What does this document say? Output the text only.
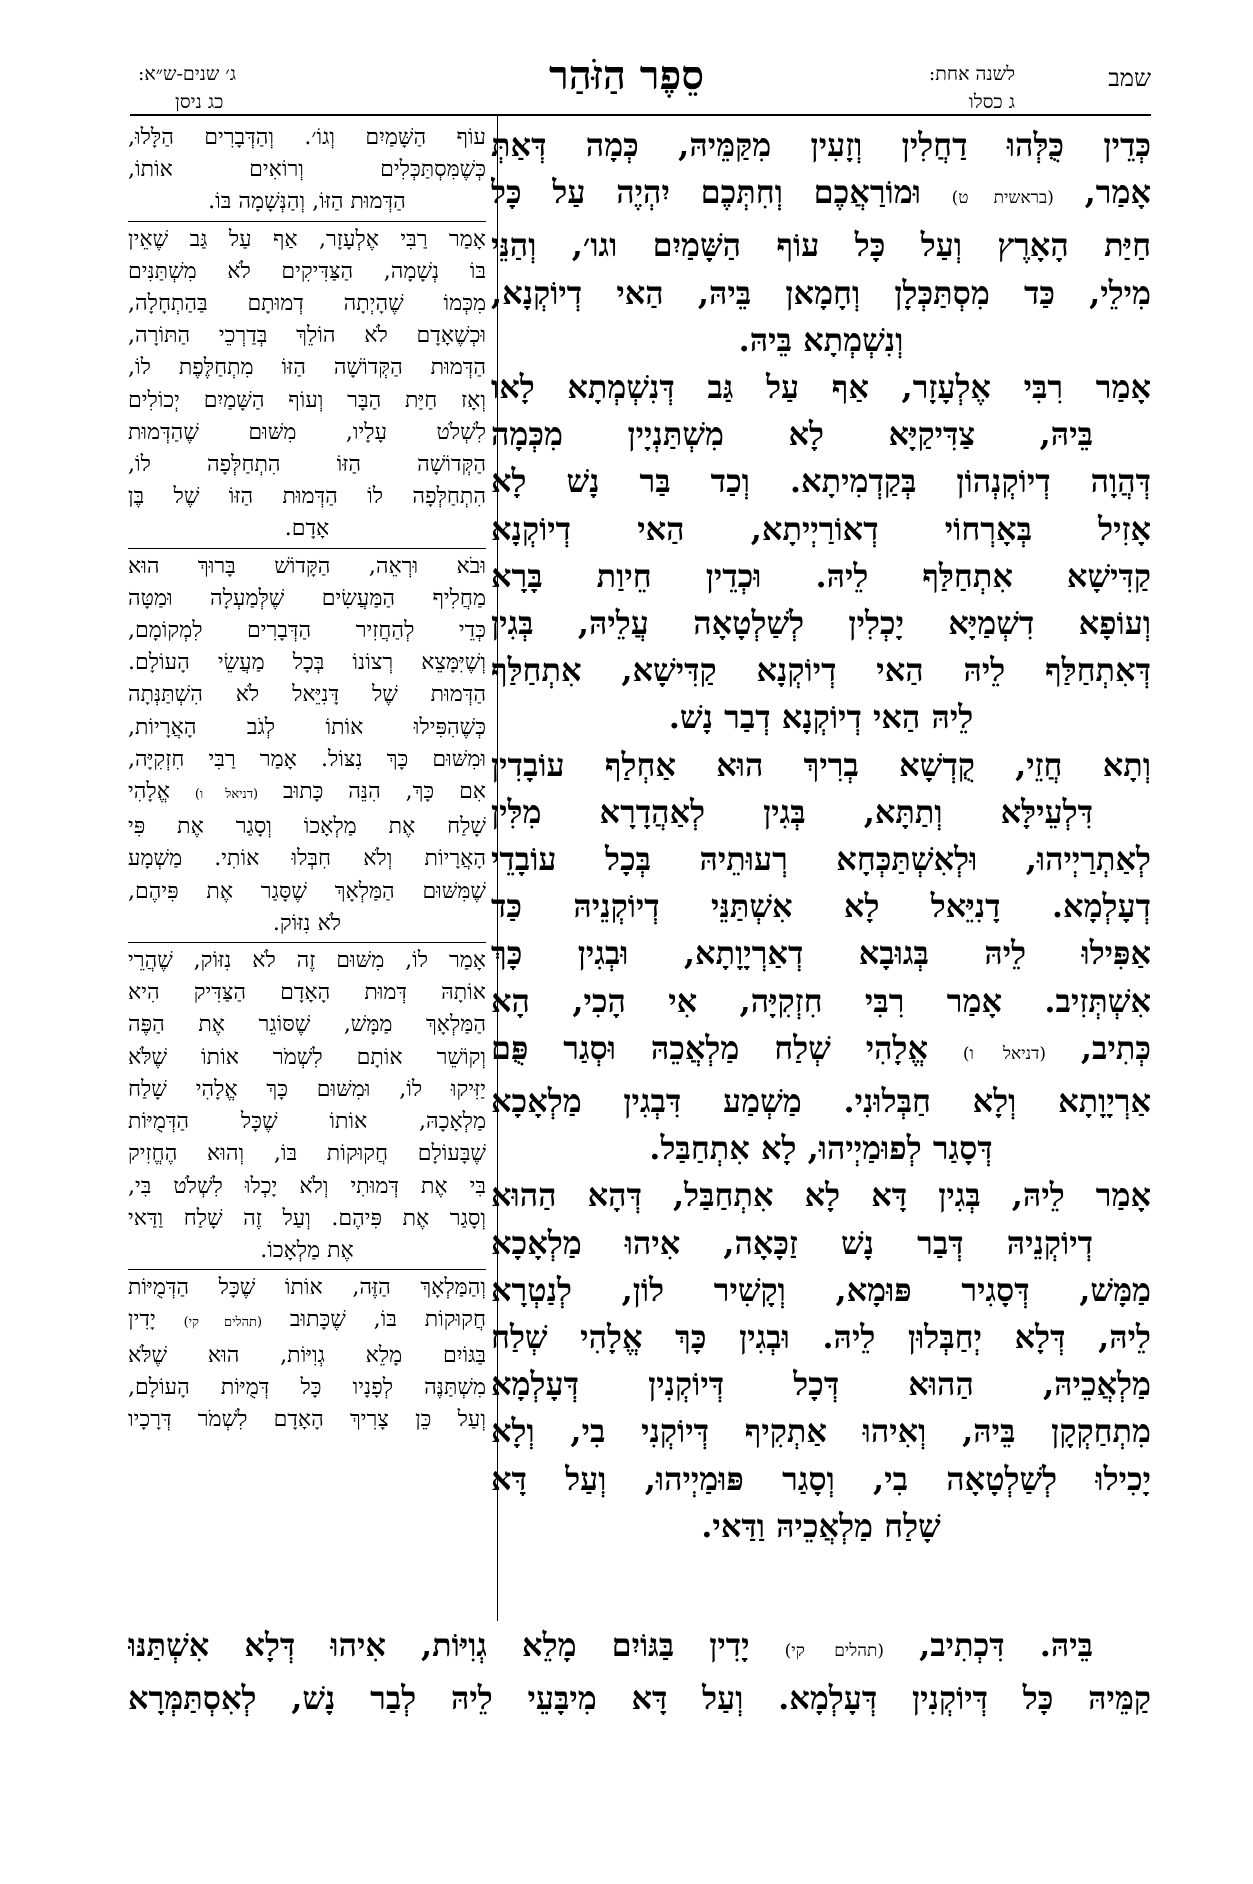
שמב
לשנה אחת:
ג כסלו
סֵפֶר הַזֹּהַר
ג׳ שנים-ש״א:
כג ניסן
כְּדֵין כֻּלְּהוּ דַחֲלִין וְזָעִין מִקַּמֵּיהּ, כְּמָה דְּאַתְּ
אָמַר, (בראשית ט) וּמוֹרַאֲכֶם וְחִתְּכֶם יִהְיֶה עַל כָּל
חַיַּת הָאָרֶץ וְעַל כָּל עוֹף הַשָּׁמַיִם וגו׳, וְהַנֵּי
מִילֵי, כַּד מִסְתַּכְּלָן וְחָמָאן בֵּיהּ, הַאי דְיוֹקְנָא,
וְנִשְׁמְתָא בֵּיהּ.
אָמַר רִבִּי אֶלְעָזָר, אַף עַל גַּב דְּנִשְׁמְתָא לָאו
בֵּיהּ, צַדִּיקַיָּא לָא מִשְׁתַּנְיָין מִכְּמָה
דְּהֲוָה דְיוֹקְנְהוֹן בְּקַדְמִיתָא. וְכַד בַּר נָשׁ לָא
אָזִיל בְּאָרְחוֹי דְאוֹרַיְיתָא, הַאי דְיוֹקְנָא
קַדִּישָׁא אִתְחַלַּף לֵיהּ. וּכְדֵין חֵיוַת בָּרָא
וְעוֹפָא דִשְׁמַיָּא יָכְלִין לְשַׁלְטָאָה עֲלֵיהּ, בְּגִין
דְּאִתְחַלַּף לֵיהּ הַאי דְיוֹקְנָא קַדִּישָׁא, אִתְחַלַּף
לֵיהּ הַאי דְיוֹקְנָא דְבַר נָשׁ.
וְתָא חֲזֵי, קֻדְשָׁא בְרִיךְ הוּא אַחְלַף עוֹבָדִין
דִּלְעֵילָּא וְתַתָּא, בְּגִין לְאַהֲדָרָא מִלִּין
לְאַתְרַיְיהוּ, וּלְאִשְׁתַּכְּחָא רְעוּתֵיהּ בְּכָל עוֹבָדֵי
דְעָלְמָא. דָנִיֵּאל לָא אִשְׁתַּנֵּי דְיוֹקְנֵיהּ כַּד
אַפִּילוּ לֵיהּ בְּגוּבָא דְאַרְיָוָתָא, וּבְגִין כָּךְ
אִשְׁתְּזִיב. אָמַר רִבִּי חִזְקִיָּה, אִי הָכִי, הָא
כְּתִיב, (דניאל ו) אֱלָהִי שְׁלַח מַלְאֲכֵהּ וּסְגַר פֻּם
אַרְיָוָתָא וְלָא חַבְּלוּנִי. מַשְׁמַע דִּבְגִין מַלְאָכָא
דְּסָגַר לְפוּמַיְיהוּ, לָא אִתְחַבַּל.
אָמַר לֵיהּ, בְּגִין דָּא לָא אִתְחַבַּל, דְּהָא הַהוּא
דְיוֹקְנֵיהּ דְּבַר נָשׁ זַכָּאָה, אִיהוּ מַלְאָכָא
מַמָּשׁ, דְּסָגִיר פּוּמָא, וְקָשִׁיר לוֹן, לְנַטְרָא
לֵיהּ, דְּלָא יְחַבְּלוּן לֵיהּ. וּבְגִין כָּךְ אֱלָהִי שְׁלַח
מַלְאֲכֵיהּ, הַהוּא דְּכָל דְּיוֹקְנִין דְּעָלְמָא
מִתְחַקְקָן בֵּיהּ, וְאִיהוּ אַתְקִיף דְּיוֹקְנִי בִי, וְלָא
יָכִילוּ לְשַׁלְטָאָה בִי, וְסָגַר פּוּמַיְיהוּ, וְעַל דָּא
שָׁלַח מַלְאֲכֵיהּ וַדַּאי.
עוֹף הַשָּׁמַיִם וְגוֹ׳. וְהַדְּבָרִים הַלָּלוּ,
כְּשֶׁמִּסְתַּכְּלִים וְרוֹאִים אוֹתוֹ,
הַדְּמוּת הַזּוֹ, וְהַנְּשָׁמָה בּוֹ.
אָמַר רַבִּי אֶלְעָזָר, אַף עַל גַּב שֶׁאֵין
בּוֹ נְשָׁמָה, הַצַּדִּיקִים לֹא מִשְׁתַּנִּים
מִכְּמוֹ שֶׁהָיְתָה דְמוּתָם בַּהַתְחָלָה,
וּכְשֶׁאָדָם לֹא הוֹלֵךְ בְּדַרְכֵי הַתּוֹרָה,
הַדְּמוּת הַקְּדוֹשָׁה הַזּוֹ מִתְחַלֶּפֶת לוֹ,
וְאָז חַיַּת הַבָּר וְעוֹף הַשָּׁמַיִם יְכוֹלִים
לִשְׁלֹט עָלָיו, מִשּׁוּם שֶׁהַדְּמוּת
הַקְּדוֹשָׁה הַזּוֹ הִתְחַלְּפָה לוֹ,
הִתְחַלְּפָה לוֹ הַדְּמוּת הַזּוֹ שֶׁל בֶּן
אָדָם.
וּבֹא וּרְאֵה, הַקָּדוֹשׁ בָּרוּךְ הוּא
מַחֲלִיף הַמַּעֲשִׂים שֶׁלְּמַעְלָה וּמַטָּה
כְּדֵי לְהַחֲזִיר הַדְּבָרִים לִמְקוֹמָם,
וְשֶׁיִּמָּצֵא רְצוֹנוֹ בְּכָל מַעֲשֵׂי הָעוֹלָם.
הַדְּמוּת שֶׁל דָּנִיֵּאל לֹא הִשְׁתַּנְּתָה
כְּשֶׁהִפִּילוּ אוֹתוֹ לְגֹב הָאֲרָיוֹת,
וּמִשּׁוּם כָּךְ נִצּוֹל. אָמַר רַבִּי חִזְקִיָּה,
אִם כָּךְ, הִנֵּה כָּתוּב (דניאל ו) אֱלָהִי
שָׁלַח אֶת מַלְאָכוֹ וְסָגַר אֶת פִּי
הָאֲרָיוֹת וְלֹא חִבְּלוּ אוֹתִי. מַשְׁמָע
שֶׁמִּשּׁוּם הַמַּלְאָךְ שֶׁסָּגַר אֶת פִּיהֶם,
לֹא נִזּוֹק.
אָמַר לוֹ, מִשּׁוּם זֶה לֹא נִזּוֹק, שֶׁהֲרֵי
אוֹתָהּ דְּמוּת הָאָדָם הַצַּדִּיק הִיא
הַמַּלְאָךְ מַמָּשׁ, שֶׁסּוֹגֵר אֶת הַפֶּה
וְקוֹשֵׁר אוֹתָם לִשְׁמֹר אוֹתוֹ שֶׁלֹּא
יַזִּיקוּ לוֹ, וּמִשּׁוּם כָּךְ אֱלָהִי שָׁלַח
מַלְאָכָהּ, אוֹתוֹ שֶׁכָּל הַדְּמֻיּוֹת
שֶׁבָּעוֹלָם חֲקוּקוֹת בּוֹ, וְהוּא הֶחֱזִיק
בִּי אֶת דְּמוּתִי וְלֹא יָכְלוּ לִשְׁלֹט בִּי,
וְסָגַר אֶת פִּיהֶם. וְעַל זֶה שָׁלַח וַדַּאי
אֶת מַלְאָכוֹ.
וְהַמַּלְאָךְ הַזֶּה, אוֹתוֹ שֶׁכָּל הַדְּמֻיּוֹת
חֲקוּקוֹת בּוֹ, שֶׁכָּתוּב (תהלים קי) יָדִין
בַּגּוֹיִם מָלֵא גְוִיּוֹת, הוּא שֶׁלֹּא
מִשְׁתַּנֶּה לְפָנָיו כָּל דְּמֻיּוֹת הָעוֹלָם,
וְעַל כֵּן צָרִיךְ הָאָדָם לִשְׁמֹר דְּרָכָיו
בֵּיהּ. דִּכְתִיב, (תהלים קי) יָדִין בַּגּוֹיִם מָלֵא גְוִיּוֹת, אִיהוּ דְּלָא אִשְׁתַּנּוּ
קַמֵּיהּ כָּל דְּיוֹקְנִין דְּעָלְמָא. וְעַל דָּא מִיבָּעֵי לֵיהּ לְבַר נָשׁ, לְאִסְתַּמְּרָא
